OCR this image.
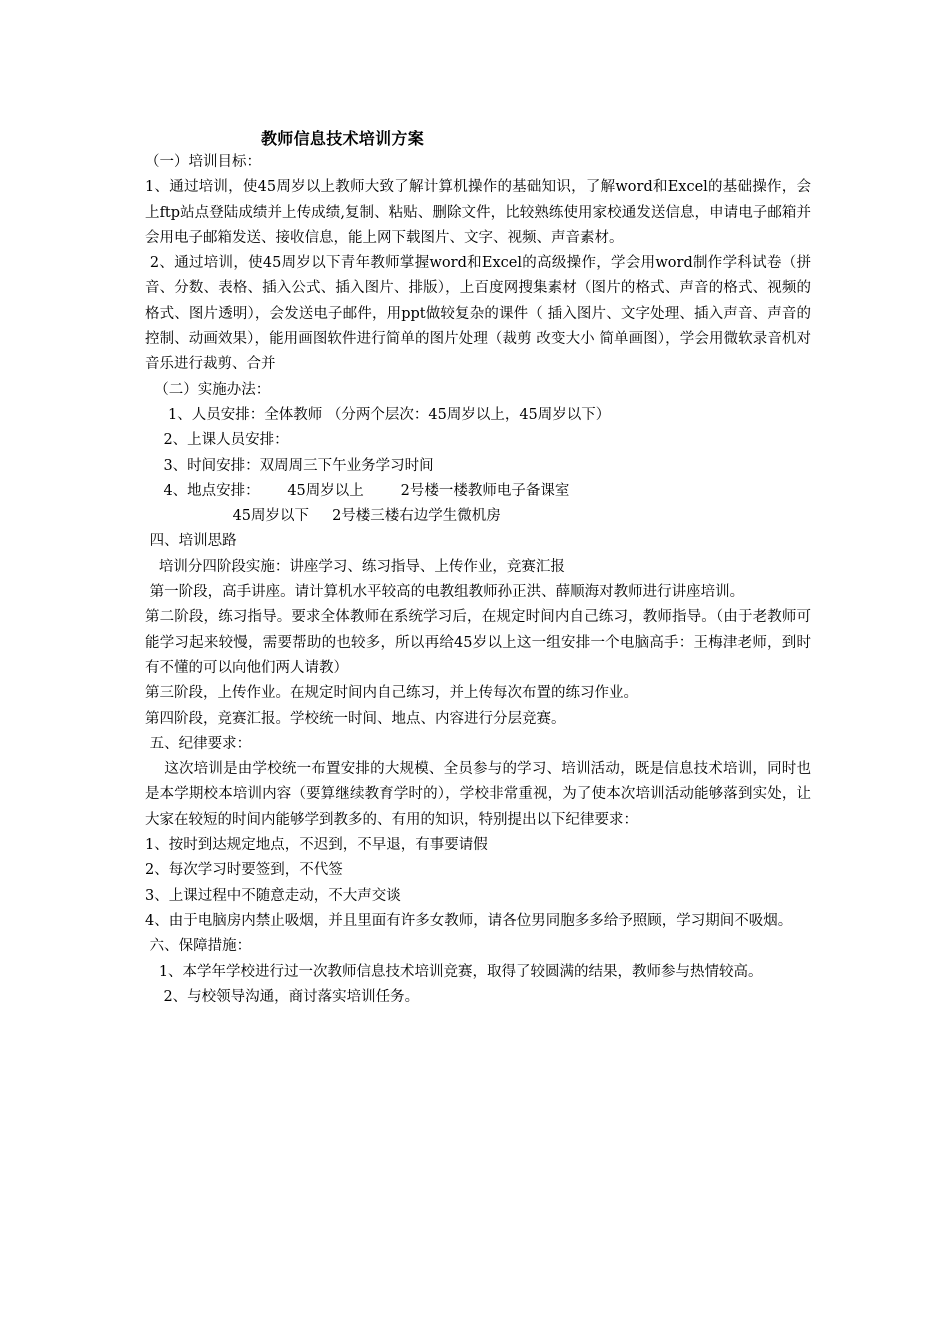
教师信息技术培训方案

（一）培训目标：

1、通过培训，使45周岁以上教师大致了解计算机操作的基础知识，了解word和Excel的基础操作，会上ftp站点登陆成绩并上传成绩,复制、粘贴、删除文件，比较熟练使用家校通发送信息，申请电子邮箱并会用电子邮箱发送、接收信息，能上网下载图片、文字、视频、声音素材。

2、通过培训，使45周岁以下青年教师掌握word和Excel的高级操作，学会用word制作学科试卷（拼音、分数、表格、插入公式、插入图片、排版），上百度网搜集素材（图片的格式、声音的格式、视频的格式、图片透明），会发送电子邮件，用ppt做较复杂的课件（ 插入图片、文字处理、插入声音、声音的控制、动画效果），能用画图软件进行简单的图片处理（裁剪 改变大小 简单画图），学会用微软录音机对音乐进行裁剪、合并

（二）实施办法：

1、人员安排：全体教师 （分两个层次：45周岁以上，45周岁以下）

2、上课人员安排：

3、时间安排：双周周三下午业务学习时间

4、地点安排：      45周岁以上        2号楼一楼教师电子备课室

45周岁以下     2号楼三楼右边学生微机房

四、培训思路

培训分四阶段实施：讲座学习、练习指导、上传作业，竞赛汇报

第一阶段，高手讲座。请计算机水平较高的电教组教师孙正洪、薛顺海对教师进行讲座培训。

第二阶段，练习指导。要求全体教师在系统学习后，在规定时间内自己练习，教师指导。（由于老教师可能学习起来较慢，需要帮助的也较多，所以再给45岁以上这一组安排一个电脑高手：王梅津老师，到时有不懂的可以向他们两人请教）

第三阶段，上传作业。在规定时间内自己练习，并上传每次布置的练习作业。

第四阶段，竞赛汇报。学校统一时间、地点、内容进行分层竞赛。

五、纪律要求：

这次培训是由学校统一布置安排的大规模、全员参与的学习、培训活动，既是信息技术培训，同时也是本学期校本培训内容（要算继续教育学时的），学校非常重视，为了使本次培训活动能够落到实处，让大家在较短的时间内能够学到教多的、有用的知识，特别提出以下纪律要求：

1、按时到达规定地点，不迟到，不早退，有事要请假

2、每次学习时要签到，不代签

3、上课过程中不随意走动，不大声交谈

4、由于电脑房内禁止吸烟，并且里面有许多女教师，请各位男同胞多多给予照顾，学习期间不吸烟。

六、保障措施：

1、本学年学校进行过一次教师信息技术培训竞赛，取得了较圆满的结果，教师参与热情较高。

2、与校领导沟通，商讨落实培训任务。
